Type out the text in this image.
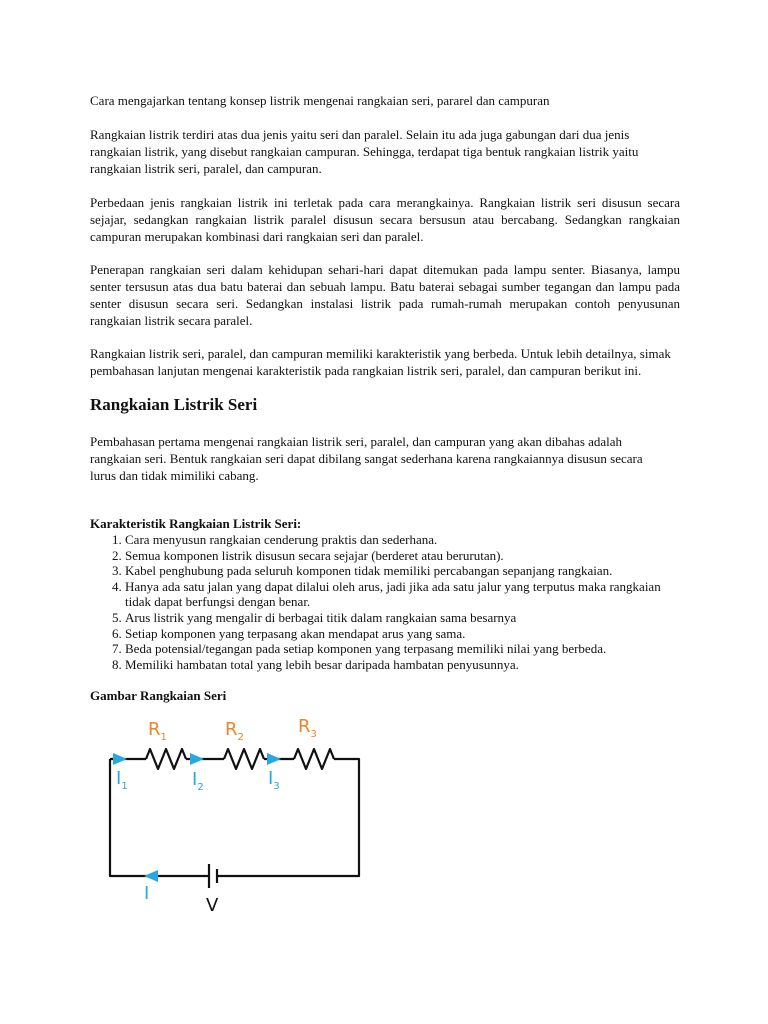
Cara mengajarkan tentang konsep listrik mengenai rangkaian seri, pararel dan campuran

Rangkaian listrik terdiri atas dua jenis yaitu seri dan paralel. Selain itu ada juga gabungan dari dua jenis rangkaian listrik, yang disebut rangkaian campuran. Sehingga, terdapat tiga bentuk rangkaian listrik yaitu rangkaian listrik seri, paralel, dan campuran.

Perbedaan jenis rangkaian listrik ini terletak pada cara merangkainya. Rangkaian listrik seri disusun secara sejajar, sedangkan rangkaian listrik paralel disusun secara bersusun atau bercabang. Sedangkan rangkaian campuran merupakan kombinasi dari rangkaian seri dan paralel.

Penerapan rangkaian seri dalam kehidupan sehari-hari dapat ditemukan pada lampu senter. Biasanya, lampu senter tersusun atas dua batu baterai dan sebuah lampu. Batu baterai sebagai sumber tegangan dan lampu pada senter disusun secara seri. Sedangkan instalasi listrik pada rumah-rumah merupakan contoh penyusunan rangkaian listrik secara paralel.

Rangkaian listrik seri, paralel, dan campuran memiliki karakteristik yang berbeda. Untuk lebih detailnya, simak pembahasan lanjutan mengenai karakteristik pada rangkaian listrik seri, paralel, dan campuran berikut ini.

Rangkaian Listrik Seri

Pembahasan pertama mengenai rangkaian listrik seri, paralel, dan campuran yang akan dibahas adalah rangkaian seri. Bentuk rangkaian seri dapat dibilang sangat sederhana karena rangkaiannya disusun secara lurus dan tidak mimiliki cabang.

Karakteristik Rangkaian Listrik Seri:
1. Cara menyusun rangkaian cenderung praktis dan sederhana.
2. Semua komponen listrik disusun secara sejajar (berderet atau berurutan).
3. Kabel penghubung pada seluruh komponen tidak memiliki percabangan sepanjang rangkaian.
4. Hanya ada satu jalan yang dapat dilalui oleh arus, jadi jika ada satu jalur yang terputus maka rangkaian tidak dapat berfungsi dengan benar.
5. Arus listrik yang mengalir di berbagai titik dalam rangkaian sama besarnya
6. Setiap komponen yang terpasang akan mendapat arus yang sama.
7. Beda potensial/tegangan pada setiap komponen yang terpasang memiliki nilai yang berbeda.
8. Memiliki hambatan total yang lebih besar daripada hambatan penyusunnya.
Gambar Rangkaian Seri
$R_1$	$R_2$
$R_3$
$I_1$	$I_2$	$I_3$
I
V
